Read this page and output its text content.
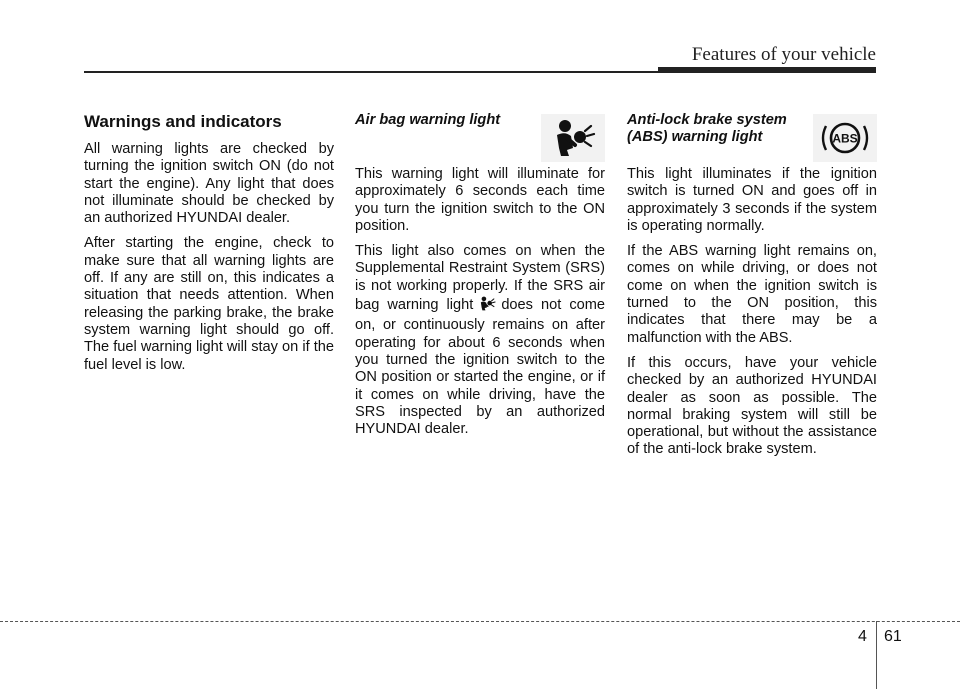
Features of your vehicle
Warnings and indicators

All warning lights are checked by turning the ignition switch ON (do not start the engine). Any light that does not illuminate should be checked by an authorized HYUNDAI dealer.

After starting the engine, check to make sure that all warning lights are off. If any are still on, this indicates a situation that needs attention. When releasing the parking brake, the brake system warning light should go off. The fuel warning light will stay on if the fuel level is low.

Air bag warning light

This warning light will illuminate for approximately 6 seconds each time you turn the ignition switch to the ON position.

This light also comes on when the Supplemental Restraint System (SRS) is not working properly. If the SRS air bag warning light does not come on, or continuously remains on after operating for about 6 seconds when you turned the ignition switch to the ON position or started the engine, or if it comes on while driving, have the SRS inspected by an authorized HYUNDAI dealer.

Anti-lock brake system
(ABS) warning light	ABS

This light illuminates if the ignition switch is turned ON and goes off in approximately 3 seconds if the system is operating normally.

If the ABS warning light remains on, comes on while driving, or does not come on when the ignition switch is turned to the ON position, this indicates that there may be a malfunction with the ABS.

If this occurs, have your vehicle checked by an authorized HYUNDAI dealer as soon as possible. The normal braking system will still be operational, but without the assistance of the anti-lock brake system.

4 61
